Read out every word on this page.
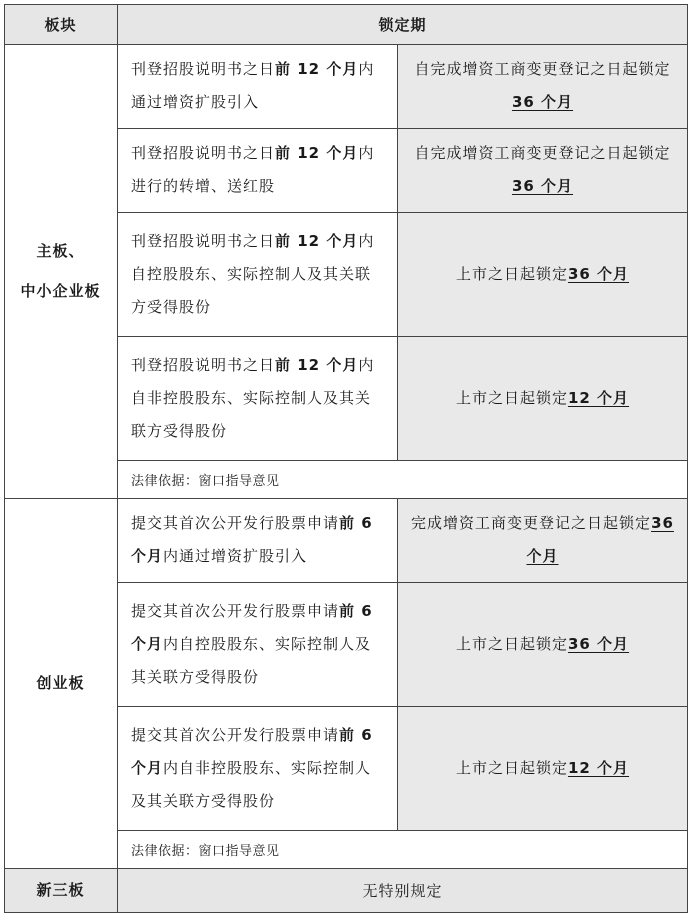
板块	锁定期
主板、
中小企业板
刊登招股说明书之日前 12 个月内通过增资扩股引入
自完成增资工商变更登记之日起锁定36 个月
刊登招股说明书之日前 12 个月内进行的转增、送红股
自完成增资工商变更登记之日起锁定36 个月
刊登招股说明书之日前 12 个月内自控股股东、实际控制人及其关联方受得股份
上市之日起锁定36 个月
刊登招股说明书之日前 12 个月内自非控股股东、实际控制人及其关联方受得股份
上市之日起锁定12 个月
法律依据：窗口指导意见
创业板
提交其首次公开发行股票申请前 6 个月内通过增资扩股引入
完成增资工商变更登记之日起锁定36 个月
提交其首次公开发行股票申请前 6 个月内自控股股东、实际控制人及其关联方受得股份
上市之日起锁定36 个月
提交其首次公开发行股票申请前 6 个月内自非控股股东、实际控制人及其关联方受得股份
上市之日起锁定12 个月
法律依据：窗口指导意见
新三板	无特别规定
